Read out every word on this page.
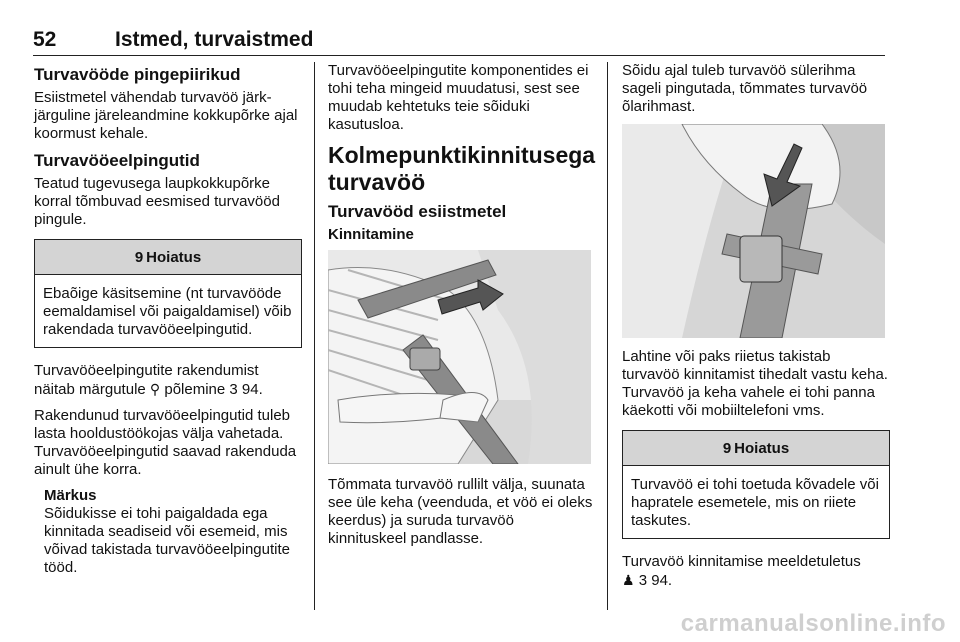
52	Istmed, turvaistmed
Turvavööde pingepiirikud

Esiistmetel vähendab turvavöö järk-järguline järeleandmine kokkupõrke ajal koormust kehale.

Turvavööeelpingutid

Teatud tugevusega laupkokkupõrke korral tõmbuvad eesmised turvavööd pingule.

9 Hoiatus
Ebaõige käsitsemine (nt turvavööde eemaldamisel või paigaldamisel) võib rakendada turvavööeelpingutid.

Turvavööeelpingutite rakendumist näitab märgutule ⚲ põlemine 3 94.

Rakendunud turvavööeelpingutid tuleb lasta hooldustöökojas välja vahetada. Turvavööeelpingutid saavad rakenduda ainult ühe korra.

Märkus

Sõidukisse ei tohi paigaldada ega kinnitada seadiseid või esemeid, mis võivad takistada turvavööeelpingutite tööd.

Turvavööeelpingutite komponentides ei tohi teha mingeid muudatusi, sest see muudab kehtetuks teie sõiduki kasutusloa.

Kolmepunktikinnitusega turvavöö
Turvavööd esiistmetel
Kinnitamine

Tõmmata turvavöö rullilt välja, suunata see üle keha (veenduda, et vöö ei oleks keerdus) ja suruda turvavöö kinnituskeel pandlasse.

Sõidu ajal tuleb turvavöö sülerihma sageli pingutada, tõmmates turvavöö õlarihmast.

Lahtine või paks riietus takistab turvavöö kinnitamist tihedalt vastu keha. Turvavöö ja keha vahele ei tohi panna käekotti või mobiiltelefoni vms.

9 Hoiatus
Turvavöö ei tohi toetuda kõvadele või hapratele esemetele, mis on riiete taskutes.

Turvavöö kinnitamise meeldetuletus
♟ 3 94.

carmanualsonline.info
